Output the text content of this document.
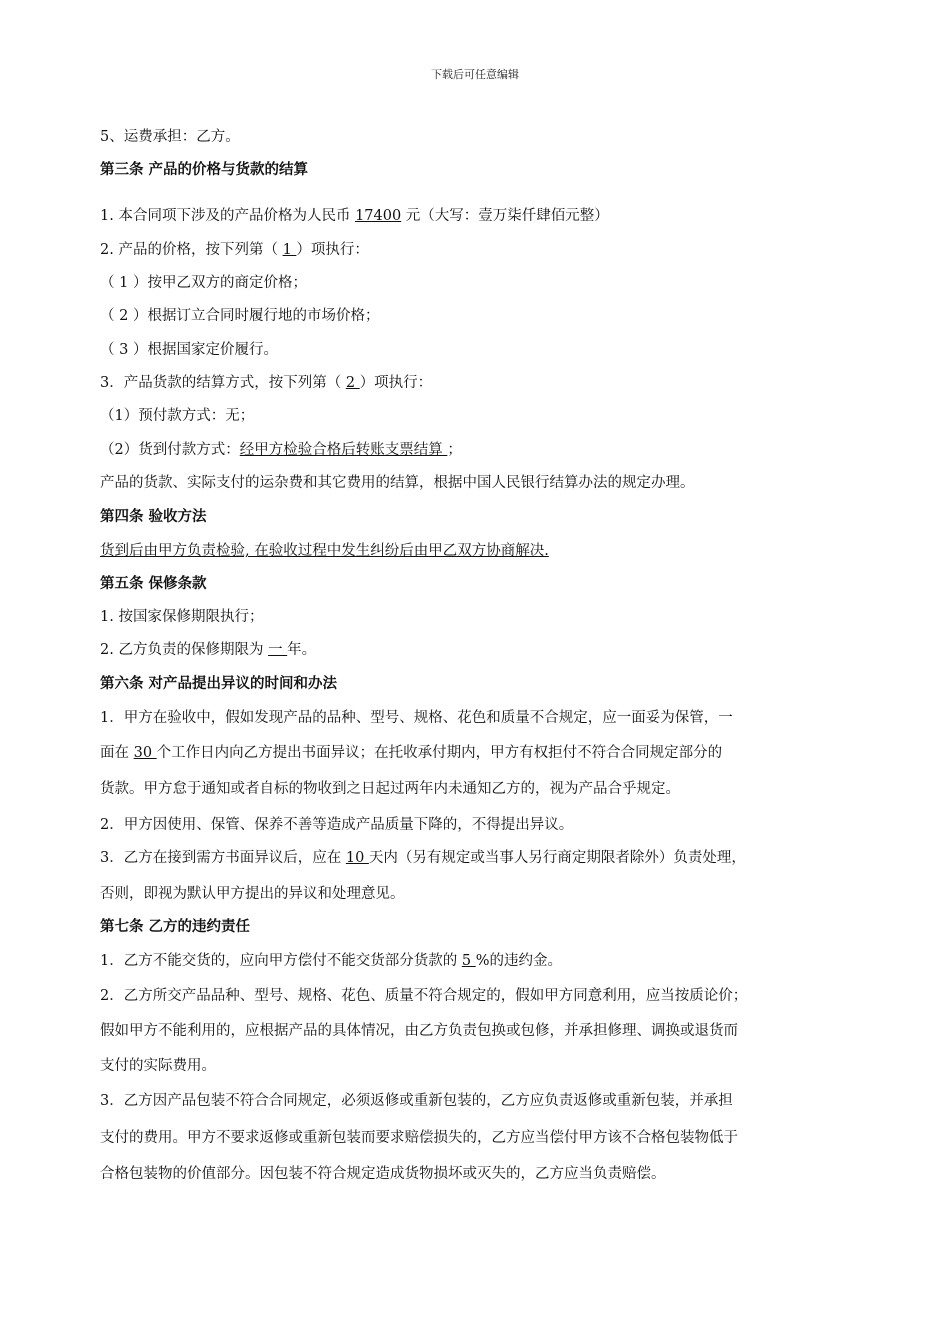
下载后可任意编辑
5、运费承担：乙方。
第三条 产品的价格与货款的结算
1. 本合同项下涉及的产品价格为人民币 17400 元（大写：壹万柒仟肆佰元整）
2. 产品的价格，按下列第（ 1 ）项执行：
（ 1 ）按甲乙双方的商定价格；
（ 2 ）根据订立合同时履行地的市场价格；
（ 3 ）根据国家定价履行。
3．产品货款的结算方式，按下列第（ 2 ）项执行：
（1）预付款方式：无；
（2）货到付款方式：经甲方检验合格后转账支票结算 ；
产品的货款、实际支付的运杂费和其它费用的结算，根据中国人民银行结算办法的规定办理。
第四条 验收方法
货到后由甲方负责检验, 在验收过程中发生纠纷后由甲乙双方协商解决.
第五条 保修条款
1. 按国家保修期限执行；
2. 乙方负责的保修期限为 一 年。
第六条 对产品提出异议的时间和办法
1．甲方在验收中，假如发现产品的品种、型号、规格、花色和质量不合规定，应一面妥为保管，一
面在 30 个工作日内向乙方提出书面异议；在托收承付期内，甲方有权拒付不符合合同规定部分的
货款。甲方怠于通知或者自标的物收到之日起过两年内未通知乙方的，视为产品合乎规定。
2．甲方因使用、保管、保养不善等造成产品质量下降的，不得提出异议。
3．乙方在接到需方书面异议后，应在 10 天内（另有规定或当事人另行商定期限者除外）负责处理，
否则，即视为默认甲方提出的异议和处理意见。
第七条 乙方的违约责任
1．乙方不能交货的，应向甲方偿付不能交货部分货款的 5 %的违约金。
2．乙方所交产品品种、型号、规格、花色、质量不符合规定的，假如甲方同意利用，应当按质论价；
假如甲方不能利用的，应根据产品的具体情况，由乙方负责包换或包修，并承担修理、调换或退货而
支付的实际费用。
3．乙方因产品包装不符合合同规定，必须返修或重新包装的，乙方应负责返修或重新包装，并承担
支付的费用。甲方不要求返修或重新包装而要求赔偿损失的，乙方应当偿付甲方该不合格包装物低于
合格包装物的价值部分。因包装不符合规定造成货物损坏或灭失的，乙方应当负责赔偿。
